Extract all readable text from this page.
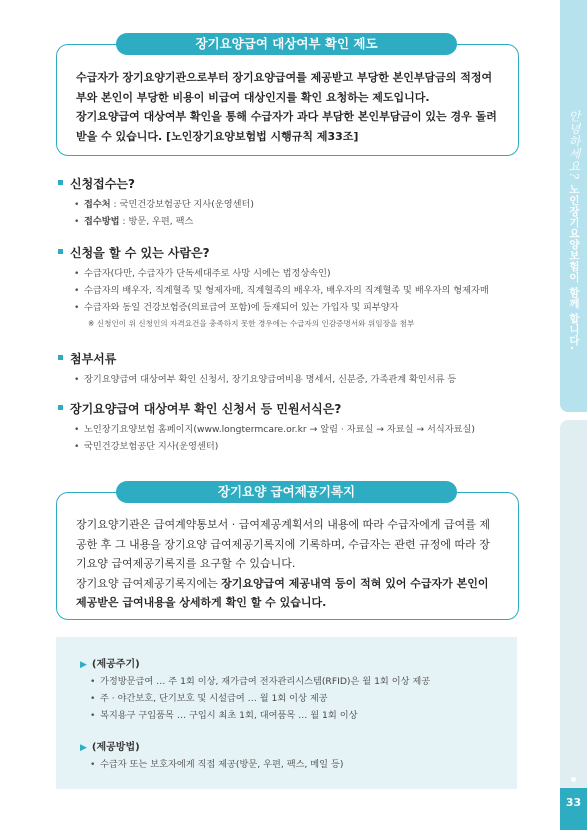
안녕하세요? 노인장기요양보험이 함께 합니다.
33
장기요양급여 대상여부 확인 제도

수급자가 장기요양기관으로부터 장기요양급여를 제공받고 부당한 본인부담금의 적정여부와 본인이 부당한 비용이 비급여 대상인지를 확인 요청하는 제도입니다.

장기요양급여 대상여부 확인을 통해 수급자가 과다 부담한 본인부담금이 있는 경우 돌려받을 수 있습니다. [노인장기요양보험법 시행규칙 제33조]

신청접수는?
• 접수처 : 국민건강보험공단 지사(운영센터)
• 접수방법 : 방문, 우편, 팩스
신청을 할 수 있는 사람은?
• 수급자(다만, 수급자가 단독세대주로 사망 시에는 법정상속인)
• 수급자의 배우자, 직계혈족 및 형제자매, 직계혈족의 배우자, 배우자의 직계혈족 및 배우자의 형제자매
• 수급자와 동일 건강보험증(의료급여 포함)에 등재되어 있는 가입자 및 피부양자
※ 신청인이 위 신청인의 자격요건을 충족하지 못한 경우에는 수급자의 인감증명서와 위임장을 첨부
첨부서류
• 장기요양급여 대상여부 확인 신청서, 장기요양급여비용 명세서, 신분증, 가족관계 확인서류 등
장기요양급여 대상여부 확인 신청서 등 민원서식은?
• 노인장기요양보험 홈페이지(www.longtermcare.or.kr → 알림 · 자료실 → 자료실 → 서식자료실)
• 국민건강보험공단 지사(운영센터)
장기요양 급여제공기록지

장기요양기관은 급여계약통보서 · 급여제공계획서의 내용에 따라 수급자에게 급여를 제공한 후 그 내용을 장기요양 급여제공기록지에 기록하며, 수급자는 관련 규정에 따라 장기요양 급여제공기록지를 요구할 수 있습니다.

장기요양 급여제공기록지에는 장기요양급여 제공내역 등이 적혀 있어 수급자가 본인이 제공받은 급여내용을 상세하게 확인 할 수 있습니다.

▶ (제공주기)
• 가정방문급여 … 주 1회 이상, 재가급여 전자관리시스템(RFID)은 월 1회 이상 제공
• 주 · 야간보호, 단기보호 및 시설급여 … 월 1회 이상 제공
• 복지용구 구입품목 … 구입시 최초 1회, 대여품목 … 월 1회 이상
▶ (제공방법)
• 수급자 또는 보호자에게 직접 제공(방문, 우편, 팩스, 메일 등)
